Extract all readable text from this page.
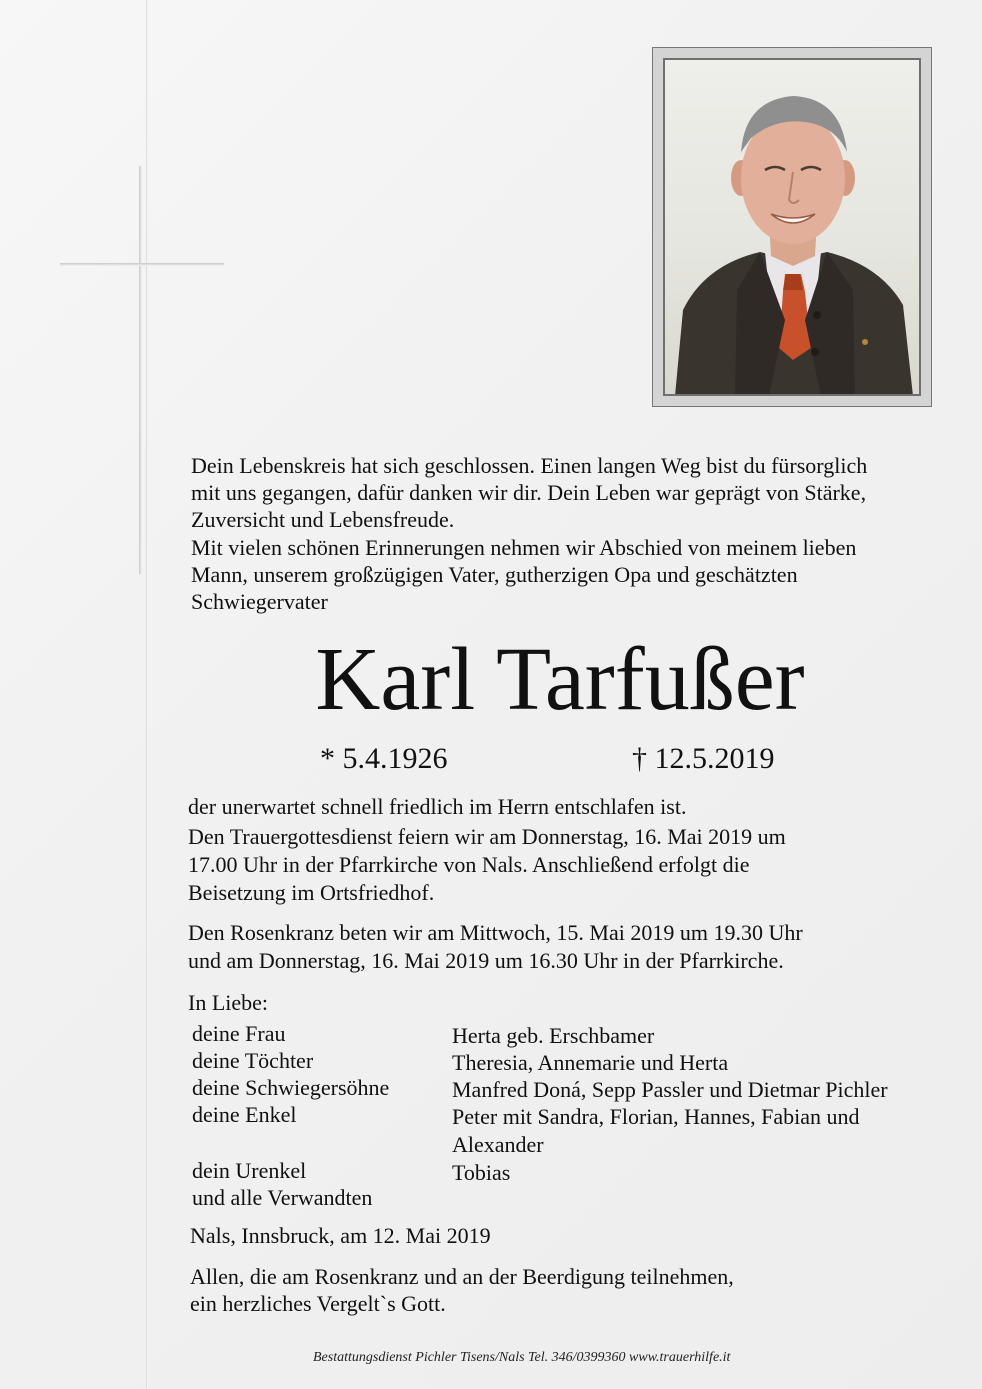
Dein Lebenskreis hat sich geschlossen. Einen langen Weg bist du fürsorglich
mit uns gegangen, dafür danken wir dir. Dein Leben war geprägt von Stärke,
Zuversicht und Lebensfreude.
Mit vielen schönen Erinnerungen nehmen wir Abschied von meinem lieben
Mann, unserem großzügigen Vater, gutherzigen Opa und geschätzten
Schwiegervater
Karl Tarfußer
* 5.4.1926	† 12.5.2019
der unerwartet schnell friedlich im Herrn entschlafen ist.
Den Trauergottesdienst feiern wir am Donnerstag, 16. Mai 2019 um
17.00 Uhr in der Pfarrkirche von Nals. Anschließend erfolgt die
Beisetzung im Ortsfriedhof.
Den Rosenkranz beten wir am Mittwoch, 15. Mai 2019 um 19.30 Uhr
und am Donnerstag, 16. Mai 2019 um 16.30 Uhr in der Pfarrkirche.
In Liebe:
deine Frau	Herta geb. Erschbamer
deine Töchter	Theresia, Annemarie und Herta
deine Schwiegersöhne	Manfred Doná, Sepp Passler und Dietmar Pichler
deine Enkel	Peter mit Sandra, Florian, Hannes, Fabian und
Alexander
dein Urenkel	Tobias
und alle Verwandten
Nals, Innsbruck, am 12. Mai 2019
Allen, die am Rosenkranz und an der Beerdigung teilnehmen,
ein herzliches Vergelt`s Gott.
Bestattungsdienst Pichler Tisens/Nals Tel. 346/0399360 www.trauerhilfe.it
